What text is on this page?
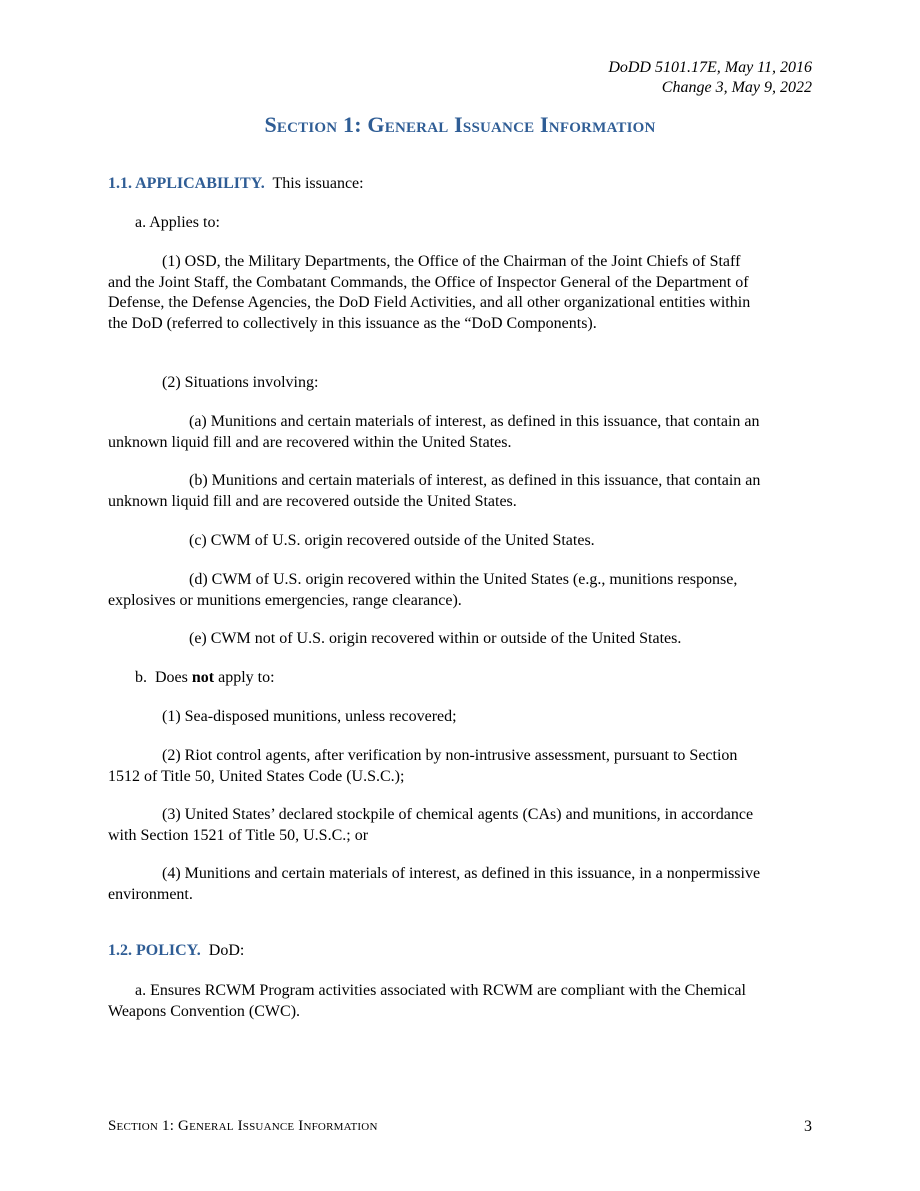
DoDD 5101.17E, May 11, 2016
Change 3, May 9, 2022
Section 1: General Issuance Information

1.1. APPLICABILITY.  This issuance:

a. Applies to:

(1) OSD, the Military Departments, the Office of the Chairman of the Joint Chiefs of Staff and the Joint Staff, the Combatant Commands, the Office of Inspector General of the Department of Defense, the Defense Agencies, the DoD Field Activities, and all other organizational entities within the DoD (referred to collectively in this issuance as the “DoD Components).

(2) Situations involving:

(a) Munitions and certain materials of interest, as defined in this issuance, that contain an unknown liquid fill and are recovered within the United States.

(b) Munitions and certain materials of interest, as defined in this issuance, that contain an unknown liquid fill and are recovered outside the United States.

(c) CWM of U.S. origin recovered outside of the United States.

(d) CWM of U.S. origin recovered within the United States (e.g., munitions response, explosives or munitions emergencies, range clearance).

(e) CWM not of U.S. origin recovered within or outside of the United States.

b.  Does not apply to:

(1) Sea-disposed munitions, unless recovered;

(2) Riot control agents, after verification by non-intrusive assessment, pursuant to Section 1512 of Title 50, United States Code (U.S.C.);

(3) United States’ declared stockpile of chemical agents (CAs) and munitions, in accordance with Section 1521 of Title 50, U.S.C.; or

(4) Munitions and certain materials of interest, as defined in this issuance, in a nonpermissive environment.

1.2. POLICY.  DoD:

a. Ensures RCWM Program activities associated with RCWM are compliant with the Chemical Weapons Convention (CWC).

Section 1: General Issuance Information	3
